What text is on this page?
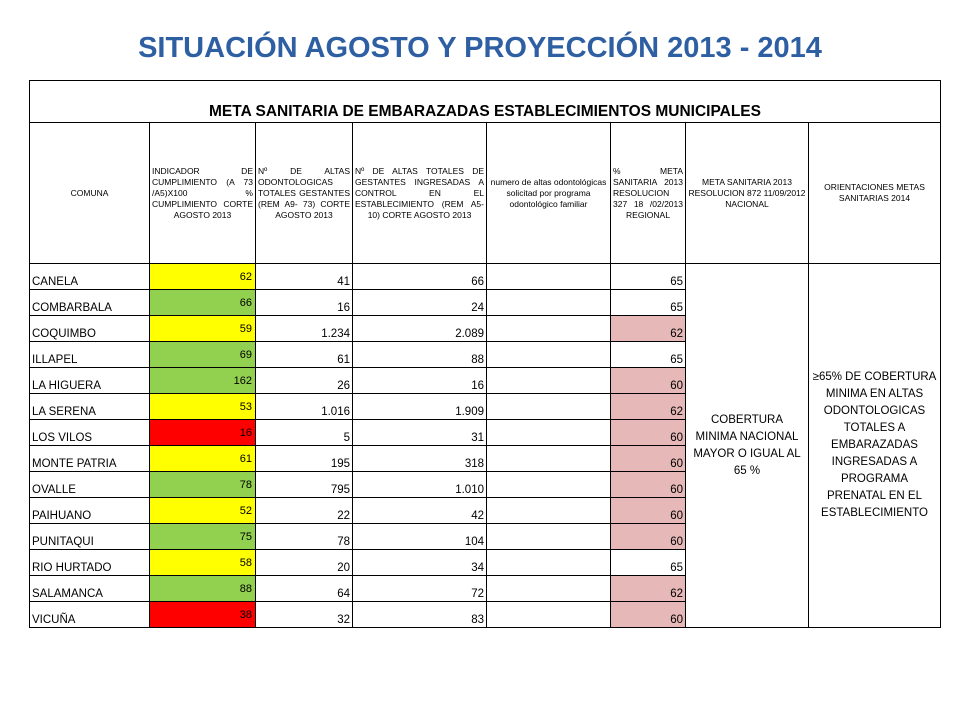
SITUACIÓN AGOSTO Y PROYECCIÓN 2013 - 2014
META SANITARIA DE EMBARAZADAS ESTABLECIMIENTOS MUNICIPALES							
COMUNA	INDICADOR DE CUMPLIMIENTO (A 73 /A5)X100 % CUMPLIMIENTO CORTE AGOSTO 2013	Nº DE ALTAS ODONTOLOGICAS TOTALES GESTANTES (REM A9- 73) CORTE AGOSTO 2013	Nº DE ALTAS TOTALES DE GESTANTES INGRESADAS A CONTROL EN EL ESTABLECIMIENTO (REM A5-10) CORTE AGOSTO 2013	numero de altas odontológicas solicitad por programa odontológico familiar	% META SANITARIA 2013 RESOLUCION 327 18 /02/2013 REGIONAL	META SANITARIA 2013 RESOLUCION 872 11/09/2012 NACIONAL	ORIENTACIONES METAS SANITARIAS 2014
CANELA	62	41	66		65	COBERTURA MINIMA NACIONAL MAYOR O IGUAL AL 65 %	≥65% DE COBERTURA MINIMA EN ALTAS ODONTOLOGICAS TOTALES A EMBARAZADAS INGRESADAS A PROGRAMA PRENATAL EN EL ESTABLECIMIENTO
COMBARBALA	66	16	24		65		
COQUIMBO	59	1.234	2.089		62		
ILLAPEL	69	61	88		65		
LA HIGUERA	162	26	16		60		
LA SERENA	53	1.016	1.909		62		
LOS VILOS	16	5	31		60		
MONTE PATRIA	61	195	318		60		
OVALLE	78	795	1.010		60		
PAIHUANO	52	22	42		60		
PUNITAQUI	75	78	104		60		
RIO HURTADO	58	20	34		65		
SALAMANCA	88	64	72		62		
VICUÑA	38	32	83		60		
